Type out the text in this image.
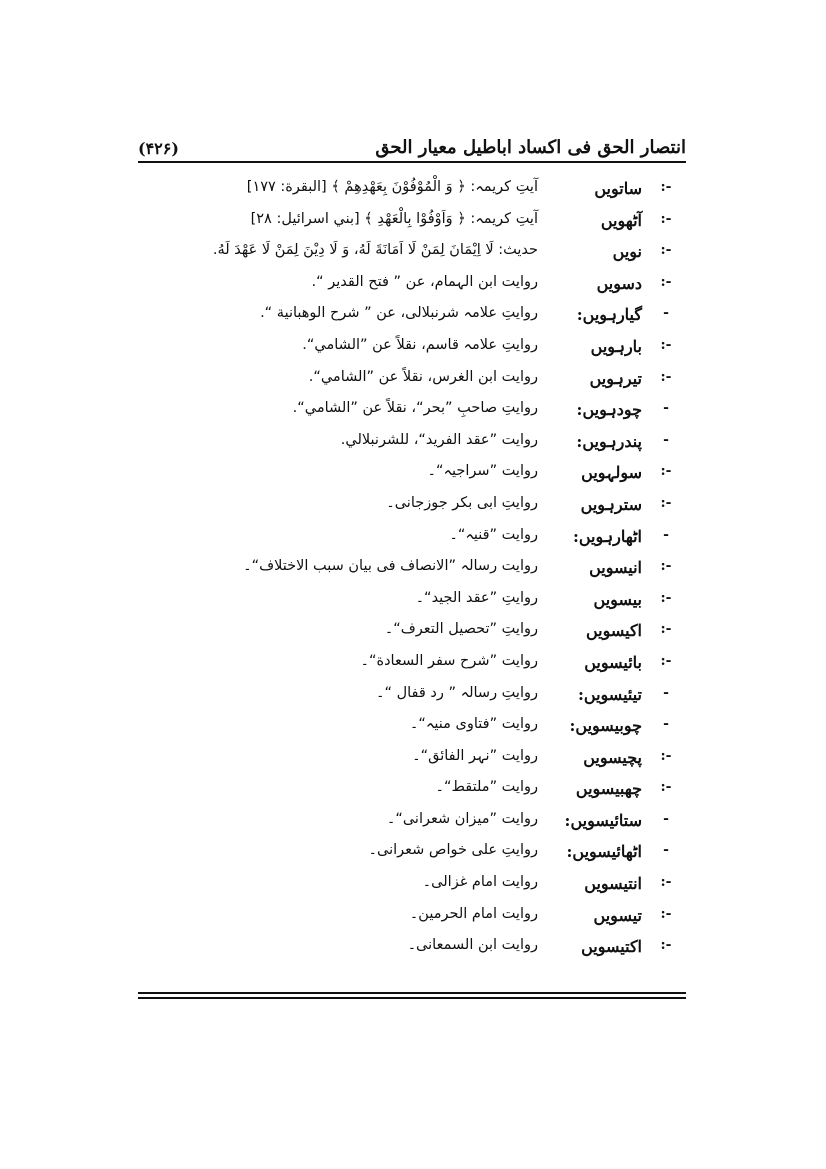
انتصار الحق فی اکساد اباطیل معیار الحق
(۴۲۶)
:-
ساتویں
آیتِ کریمہ: ﴿ وَ الْمُوْفُوْنَ بِعَهْدِهِمْ ﴾ [البقرة: ١٧٧]
:-
آٹھویں
آیتِ کریمہ: ﴿ وَاَوْفُوْا بِالْعَهْدِ ﴾ [بني اسرائيل: ٢٨]
:-
نویں
حدیث: لَا اِيْمَانَ لِمَنْ لَا اَمَانَةَ لَهُ، وَ لَا دِيْنَ لِمَنْ لَا عَهْدَ لَهُ.
:-
دسویں
روایت ابن الہمام، عن ” فتح القدیر “.
-
گیارہویں:
روایتِ علامہ شرنبلالی، عن ” شرح الوهبانية “.
:-
بارہویں
روایتِ علامہ قاسم، نقلاً عن ”الشامي“.
:-
تیرہویں
روایت ابن الغرس، نقلاً عن ”الشامي“.
-
چودہویں:
روایتِ صاحبِ ”بحر“، نقلاً عن ”الشامي“.
-
پندرہویں:
روایت ”عقد الفرید“، للشرنبلالي.
:-
سولہویں
روایت ”سراجیہ“۔
:-
سترہویں
روایتِ ابی بکر جوزجانی۔
-
اٹھارہویں:
روایت ”قنیہ“۔
:-
انیسویں
روایت رسالہ ”الانصاف فی بیان سبب الاختلاف“۔
:-
بیسویں
روایتِ ”عقد الجید“۔
:-
اکیسویں
روایتِ ”تحصیل التعرف“۔
:-
بائیسویں
روایت ”شرح سفر السعادة“۔
-
تیئیسویں:
روایتِ رسالہ ” رد قفال “۔
-
چوبیسویں:
روایت ”فتاوی منیہ“۔
:-
پچیسویں
روایت ”نہر الفائق“۔
:-
چھبیسویں
روایت ”ملتقط“۔
-
ستائیسویں:
روایت ”میزان شعرانی“۔
-
اٹھائیسویں:
روایتِ علی خواص شعرانی۔
:-
انتیسویں
روایت امام غزالی۔
:-
تیسویں
روایت امام الحرمین۔
:-
اکتیسویں
روایت ابن السمعانی۔
